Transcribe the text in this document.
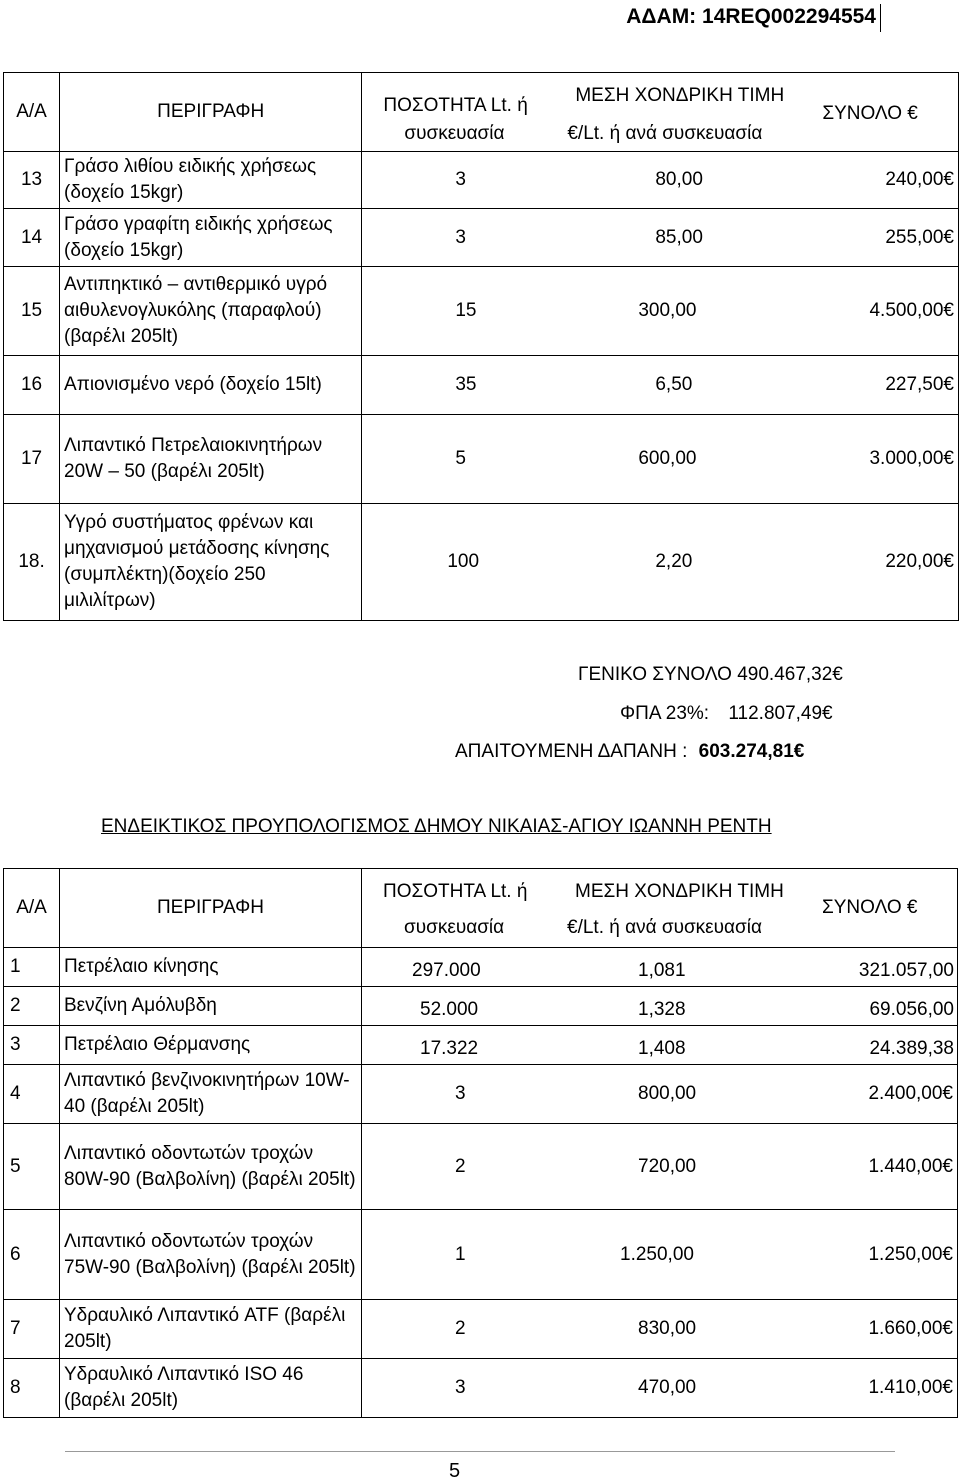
ΑΔΑΜ: 14REQ002294554
Α/Α	ΠΕΡΙΓΡΑΦΗ	ΠΟΣΟΤΗΤΑ Lt. ή
συσκευασία
ΜΕΣΗ ΧΟΝΔΡΙΚΗ ΤΙΜΗ
€/Lt. ή ανά συσκευασία
ΣΥΝΟΛΟ €

13	Γράσο λιθίου ειδικής χρήσεως (δοχείο 15kgr)	3 80,00 240,00€

14	Γράσο γραφίτη ειδικής χρήσεως (δοχείο 15kgr)	3 85,00 255,00€

15	Αντιπηκτικό – αντιθερμικό υγρό αιθυλενογλυκόλης (παραφλού) (βαρέλι 205lt)	15 300,00 4.500,00€

16	Απιονισμένο νερό (δοχείο 15lt)	35 6,50 227,50€

17	Λιπαντικό Πετρελαιοκινητήρων 20W – 50 (βαρέλι 205lt)	5 600,00 3.000,00€

18.	Υγρό συστήματος φρένων και μηχανισμού μετάδοσης κίνησης (συμπλέκτη)(δοχείο 250 μιλιλίτρων)	100 2,20 220,00€
ΓΕΝΙΚΟ ΣΥΝΟΛΟ 490.467,32€
ΦΠΑ 23%: 112.807,49€
ΑΠΑΙΤΟΥΜΕΝΗ ΔΑΠΑΝΗ : 603.274,81€
ΕΝΔΕΙΚΤΙΚΟΣ ΠΡΟΥΠΟΛΟΓΙΣΜΟΣ ΔΗΜΟΥ ΝΙΚΑΙΑΣ-ΑΓΙΟΥ ΙΩΑΝΝΗ ΡΕΝΤΗ
Α/Α	ΠΕΡΙΓΡΑΦΗ	ΠΟΣΟΤΗΤΑ Lt. ή
συσκευασία
ΜΕΣΗ ΧΟΝΔΡΙΚΗ ΤΙΜΗ
€/Lt. ή ανά συσκευασία
ΣΥΝΟΛΟ €

1	Πετρέλαιο κίνησης	297.000 1,081 321.057,00

2	Βενζίνη Αμόλυβδη	52.000 1,328 69.056,00

3	Πετρέλαιο Θέρμανσης	17.322 1,408 24.389,38

4	Λιπαντικό βενζινοκινητήρων 10W- 40 (βαρέλι 205lt)	3 800,00 2.400,00€

5	Λιπαντικό οδοντωτών τροχών 80W-90 (Βαλβολίνη) (βαρέλι 205lt)	2 720,00 1.440,00€

6	Λιπαντικό οδοντωτών τροχών 75W-90 (Βαλβολίνη) (βαρέλι 205lt)	1 1.250,00 1.250,00€

7	Υδραυλικό Λιπαντικό ATF (βαρέλι 205lt)	2 830,00 1.660,00€

8	Υδραυλικό Λιπαντικό ISO 46 (βαρέλι 205lt)	3 470,00 1.410,00€
5
